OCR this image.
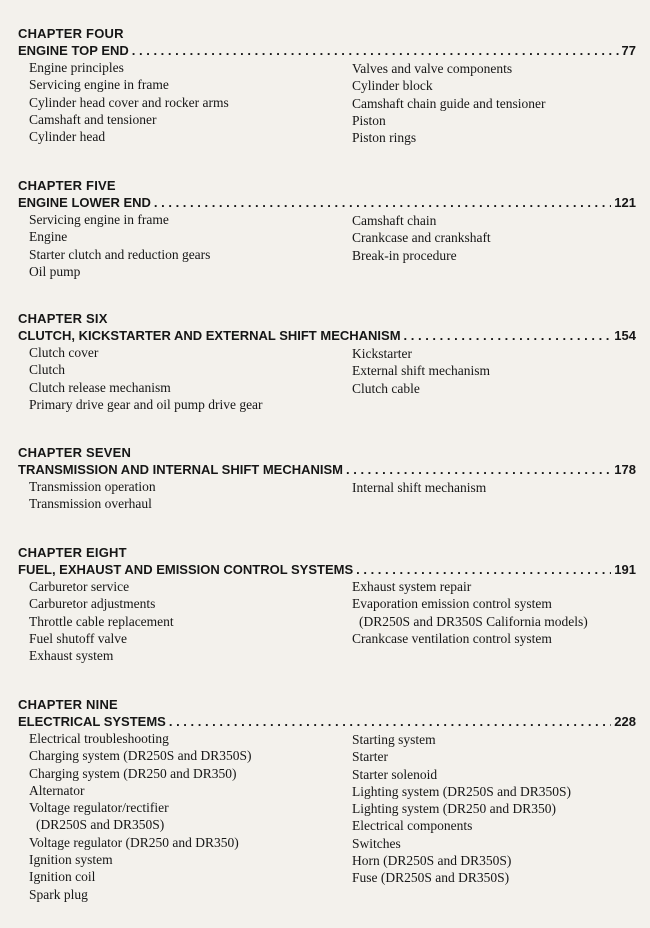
CHAPTER FOUR
ENGINE TOP END . . .	77
Engine principles
Servicing engine in frame
Cylinder head cover and rocker arms
Camshaft and tensioner
Cylinder head
Valves and valve components
Cylinder block
Camshaft chain guide and tensioner
Piston
Piston rings
CHAPTER FIVE
ENGINE LOWER END . . .	121
Servicing engine in frame
Engine
Starter clutch and reduction gears
Oil pump
Camshaft chain
Crankcase and crankshaft
Break-in procedure
CHAPTER SIX
CLUTCH, KICKSTARTER AND EXTERNAL SHIFT MECHANISM . . .	154
Clutch cover
Clutch
Clutch release mechanism
Primary drive gear and oil pump drive gear
Kickstarter
External shift mechanism
Clutch cable
CHAPTER SEVEN
TRANSMISSION AND INTERNAL SHIFT MECHANISM . . .	178
Transmission operation
Transmission overhaul
Internal shift mechanism
CHAPTER EIGHT
FUEL, EXHAUST AND EMISSION CONTROL SYSTEMS . . .	191
Carburetor service
Carburetor adjustments
Throttle cable replacement
Fuel shutoff valve
Exhaust system
Exhaust system repair
Evaporation emission control system
(DR250S and DR350S California models)
Crankcase ventilation control system
CHAPTER NINE
ELECTRICAL SYSTEMS . . .	228
Electrical troubleshooting
Charging system (DR250S and DR350S)
Charging system (DR250 and DR350)
Alternator
Voltage regulator/rectifier
(DR250S and DR350S)
Voltage regulator (DR250 and DR350)
Ignition system
Ignition coil
Spark plug
Starting system
Starter
Starter solenoid
Lighting system (DR250S and DR350S)
Lighting system (DR250 and DR350)
Electrical components
Switches
Horn (DR250S and DR350S)
Fuse (DR250S and DR350S)
